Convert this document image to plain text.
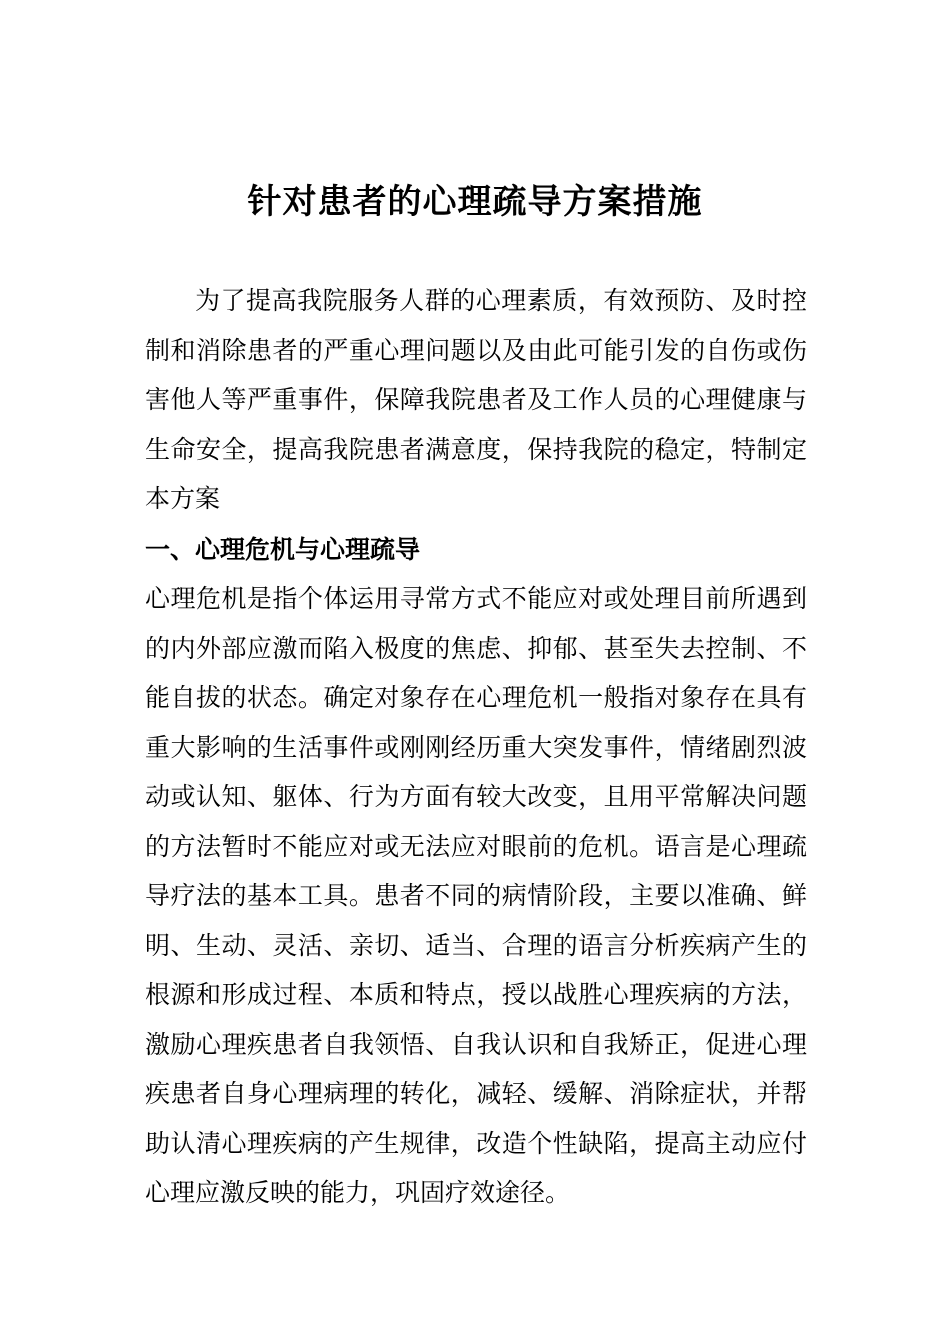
针对患者的心理疏导方案措施

为了提高我院服务人群的心理素质，有效预防、及时控制和消除患者的严重心理问题以及由此可能引发的自伤或伤害他人等严重事件，保障我院患者及工作人员的心理健康与生命安全，提高我院患者满意度，保持我院的稳定，特制定本方案

一、心理危机与心理疏导

心理危机是指个体运用寻常方式不能应对或处理目前所遇到的内外部应激而陷入极度的焦虑、抑郁、甚至失去控制、不能自拔的状态。确定对象存在心理危机一般指对象存在具有重大影响的生活事件或刚刚经历重大突发事件，情绪剧烈波动或认知、躯体、行为方面有较大改变，且用平常解决问题的方法暂时不能应对或无法应对眼前的危机。语言是心理疏导疗法的基本工具。患者不同的病情阶段，主要以准确、鲜明、生动、灵活、亲切、适当、合理的语言分析疾病产生的根源和形成过程、本质和特点，授以战胜心理疾病的方法，激励心理疾患者自我领悟、自我认识和自我矫正，促进心理疾患者自身心理病理的转化，减轻、缓解、消除症状，并帮助认清心理疾病的产生规律，改造个性缺陷，提高主动应付心理应激反映的能力，巩固疗效途径。
